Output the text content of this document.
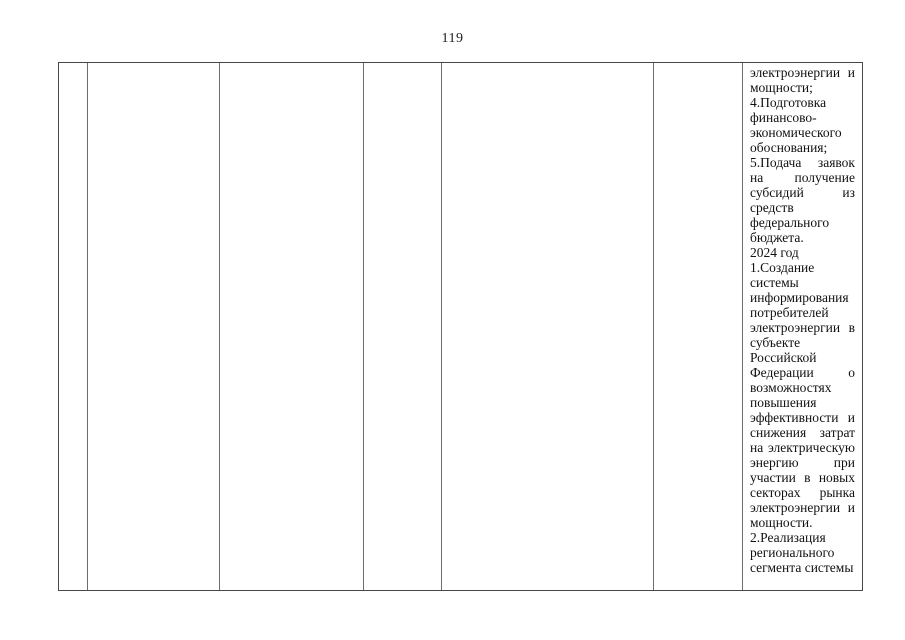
119

электроэнергии и мощности;

4.Подготовка финансово-экономического обоснования;

5.Подача заявок на получение субсидий из средств федерального бюджета.

2024 год

1.Создание системы информирования потребителей электроэнергии в субъекте Российской Федерации о возможностях повышения эффективности и снижения затрат на электрическую энергию при участии в новых секторах рынка электроэнергии и мощности.

2.Реализация регионального сегмента системы
